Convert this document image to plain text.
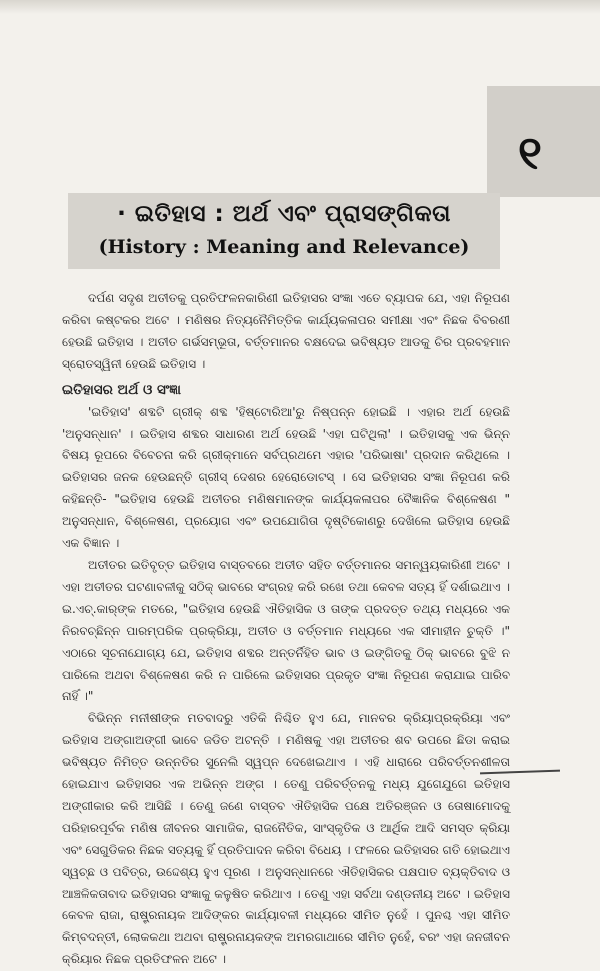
୧
· ଇତିହାସ : ଅର୍ଥ ଏବଂ ପ୍ରାସଙ୍ଗିକତା
(History : Meaning and Relevance)

ଦର୍ପଣ ସଦୃଶ ଅତୀତକୁ ପ୍ରତିଫଳନକାରିଣୀ ଇତିହାସର ସଂଜ୍ଞା ଏତେ ବ୍ୟାପକ ଯେ, ଏହା ନିରୂପଣ କରିବା କଷ୍ଟକର ଅଟେ । ମଣିଷର ନିତ୍ୟନୈମିତ୍ତିକ କାର୍ଯ୍ୟକଳାପର ସମୀକ୍ଷା ଏବଂ ନିଛକ ବିବରଣୀ ହେଉଛି ଇତିହାସ । ଅତୀତ ଗର୍ଭସମ୍ଭୂତା, ବର୍ତ୍ତମାନର ବକ୍ଷଦେଇ ଭବିଷ୍ୟତ ଆଡକୁ ଚିର ପ୍ରବହମାନ ସ୍ରୋତସ୍ୱିନୀ ହେଉଛି ଇତିହାସ ।

ଇତିହାସର ଅର୍ଥ ଓ ସଂଜ୍ଞା

'ଇତିହାସ' ଶବ୍ଦଟି ଗ୍ରୀକ୍ ଶବ୍ଦ 'ହିଷ୍ଟୋରିଆ'ରୁ ନିଷ୍ପନ୍ନ ହୋଇଛି । ଏହାର ଅର୍ଥ ହେଉଛି 'ଅନୁସନ୍ଧାନ' । ଇତିହାସ ଶବ୍ଦର ସାଧାରଣ ଅର୍ଥ ହେଉଛି 'ଏହା ଘଟିଥିଲା' । ଇତିହାସକୁ ଏକ ଭିନ୍ନ ବିଷୟ ରୂପରେ ବିବେଚନା କରି ଗ୍ରୀକ୍‌ମାନେ ସର୍ବପ୍ରଥମେ ଏହାର 'ପରିଭାଷା' ପ୍ରଦାନ କରିଥିଲେ । ଇତିହାସର ଜନକ ହେଉଛନ୍ତି ଗ୍ରୀସ୍ ଦେଶର ହେରୋଡୋଟସ୍ । ସେ ଇତିହାସର ସଂଜ୍ଞା ନିରୂପଣ କରି କହିଛନ୍ତି- "ଇତିହାସ ହେଉଛି ଅତୀତର ମଣିଷମାନଙ୍କ କାର୍ଯ୍ୟକଳାପର ବୈଜ୍ଞାନିକ ବିଶ୍ଳେଷଣ " ଅନୁସନ୍ଧାନ, ବିଶ୍ଳେଷଣ, ପ୍ରୟୋଗ ଏବଂ ଉପଯୋଗିତା ଦୃଷ୍ଟିକୋଣରୁ ଦେଖିଲେ ଇତିହାସ ହେଉଛି ଏକ ବିଜ୍ଞାନ ।

ଅତୀତର ଇତିବୃତ୍ତ ଇତିହାସ ବାସ୍ତବରେ ଅତୀତ ସହିତ ବର୍ତ୍ତମାନର ସମନ୍ୱୟକାରିଣୀ ଅଟେ । ଏହା ଅତୀତର ଘଟଣାବଳୀକୁ ସଠିକ୍ ଭାବରେ ସଂଗ୍ରହ କରି ରଖେ ତଥା କେବଳ ସତ୍ୟ ହିଁ ଦର୍ଶାଇଥାଏ । ଇ.ଏଚ୍.କାର୍‌ଙ୍କ ମତରେ, "ଇତିହାସ ହେଉଛି ଐତିହାସିକ ଓ ତାଙ୍କ ପ୍ରଦତ୍ତ ତଥ୍ୟ ମଧ୍ୟରେ ଏକ ନିରବଚ୍ଛିନ୍ନ ପାରମ୍ପରିକ ପ୍ରକ୍ରିୟା, ଅତୀତ ଓ ବର୍ତ୍ତମାନ ମଧ୍ୟରେ ଏକ ସୀମାହୀନ ଚୁକ୍ତି ।" ଏଠାରେ ସୂଚନାଯୋଗ୍ୟ ଯେ, ଇତିହାସ ଶବ୍ଦର ଅନ୍ତର୍ନିହିତ ଭାବ ଓ ଇଙ୍ଗିତକୁ ଠିକ୍ ଭାବରେ ବୁଝି ନ ପାରିଲେ ଅଥବା ବିଶ୍ଳେଷଣ କରି ନ ପାରିଲେ ଇତିହାସର ପ୍ରକୃତ ସଂଜ୍ଞା ନିରୂପଣ କରାଯାଇ ପାରିବ ନାହିଁ ।"

ବିଭିନ୍ନ ମନୀଷୀଙ୍କ ମତବାଦରୁ ଏତିକି ନିଶ୍ଚିତ ହୁଏ ଯେ, ମାନବର କ୍ରିୟାପ୍ରକ୍ରିୟା ଏବଂ ଇତିହାସ ଅଙ୍ଗାଅଙ୍ଗୀ ଭାବେ ଜଡିତ ଅଟନ୍ତି । ମଣିଷକୁ ଏହା ଅତୀତର ଶବ ଉପରେ ଛିଡା କରାଇ ଭବିଷ୍ୟତ ନିମିତ୍ତ ଉନ୍ନତିର ସୁନେଲି ସ୍ୱପ୍ନ ଦେଖେଇଥାଏ । ଏହି ଧାରାରେ ପରିବର୍ତ୍ତନଶୀଳତା ହୋଇଯାଏ ଇତିହାସର ଏକ ଅଭିନ୍ନ ଅଙ୍ଗ । ତେଣୁ ପରିବର୍ତ୍ତନକୁ ମଧ୍ୟ ଯୁଗେଯୁଗେ ଇତିହାସ ଅଙ୍ଗୀକାର କରି ଆସିଛି । ତେଣୁ ଜଣେ ବାସ୍ତବ ଐତିହାସିକ ପକ୍ଷେ ଅତିରଞ୍ଜନ ଓ ତୋଷାମୋଦକୁ ପରିହାରପୂର୍ବକ ମଣିଷ ଜୀବନର ସାମାଜିକ, ରାଜନୈତିକ, ସାଂସ୍କୃତିକ ଓ ଆର୍ଥିକ ଆଦି ସମସ୍ତ କ୍ରିୟା ଏବଂ ସେଗୁଡିକର ନିଛକ ସତ୍ୟକୁ ହିଁ ପ୍ରତିପାଦନ କରିବା ବିଧେୟ । ଫଳରେ ଇତିହାସର ଗତି ହୋଇଥାଏ ସ୍ୱଚ୍ଛ ଓ ପବିତ୍ର, ଉଦ୍ଦେଶ୍ୟ ହୁଏ ପୂରଣ । ଅନୁସନ୍ଧାନରେ ଐତିହାସିକର ପକ୍ଷପାତ ବ୍ୟକ୍ତିବାଦ ଓ ଆଞ୍ଚଳିକତାବାଦ ଇତିହାସର ସଂଜ୍ଞାକୁ କଳୁଷିତ କରିଥାଏ । ତେଣୁ ଏହା ସର୍ବଥା ଦଣ୍ଡନୀୟ ଅଟେ । ଇତିହାସ କେବଳ ରାଜା, ରାଷ୍ଟ୍ରନାୟକ ଆଦିଙ୍କର କାର୍ଯ୍ୟାବଳୀ ମଧ୍ୟରେ ସୀମିତ ନୁହେଁ । ପୁନଶ୍ଚ ଏହା ସୀମିତ କିମ୍ବଦନ୍ତୀ, ଲୋକକଥା ଅଥବା ରାଷ୍ଟ୍ରନାୟକଙ୍କ ଅମରଗାଥାରେ ସୀମିତ ନୁହେଁ, ବରଂ ଏହା ଜନଜୀବନ କ୍ରିୟାର ନିଛକ ପ୍ରତିଫଳନ ଅଟେ ।
